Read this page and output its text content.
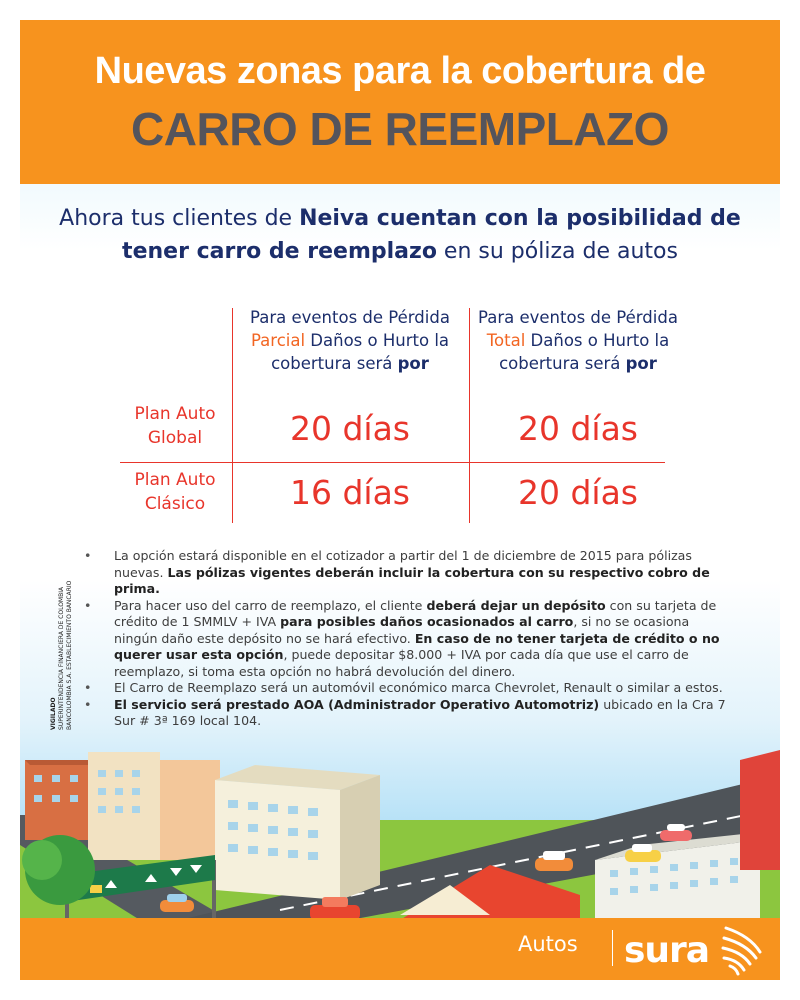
Nuevas zonas para la cobertura de
CARRO DE REEMPLAZO
Ahora tus clientes de Neiva cuentan con la posibilidad de tener carro de reemplazo en su póliza de autos
Para eventos de Pérdida
Parcial Daños o Hurto la cobertura será por
Para eventos de Pérdida
Total Daños o Hurto la cobertura será por
Plan Auto
Global	20 días	20 días
Plan Auto
Clásico	16 días	20 días
VIGILADO SUPERINTENDENCIA FINANCIERA DE COLOMBIA BANCOLOMBIA S.A. ESTABLECIMIENTO BANCARIO
• La opción estará disponible en el cotizador a partir del 1 de diciembre de 2015 para pólizas nuevas. Las pólizas vigentes deberán incluir la cobertura con su respectivo cobro de prima.
• Para hacer uso del carro de reemplazo, el cliente deberá dejar un depósito con su tarjeta de crédito de 1 SMMLV + IVA para posibles daños ocasionados al carro, si no se ocasiona ningún daño este depósito no se hará efectivo. En caso de no tener tarjeta de crédito o no querer usar esta opción, puede depositar $8.000 + IVA por cada día que use el carro de reemplazo, si toma esta opción no habrá devolución del dinero.
• El Carro de Reemplazo será un automóvil económico marca Chevrolet, Renault o similar a estos.
• El servicio será prestado AOA (Administrador Operativo Automotriz) ubicado en la Cra 7 Sur # 3ª 169 local 104.
Autos sura
